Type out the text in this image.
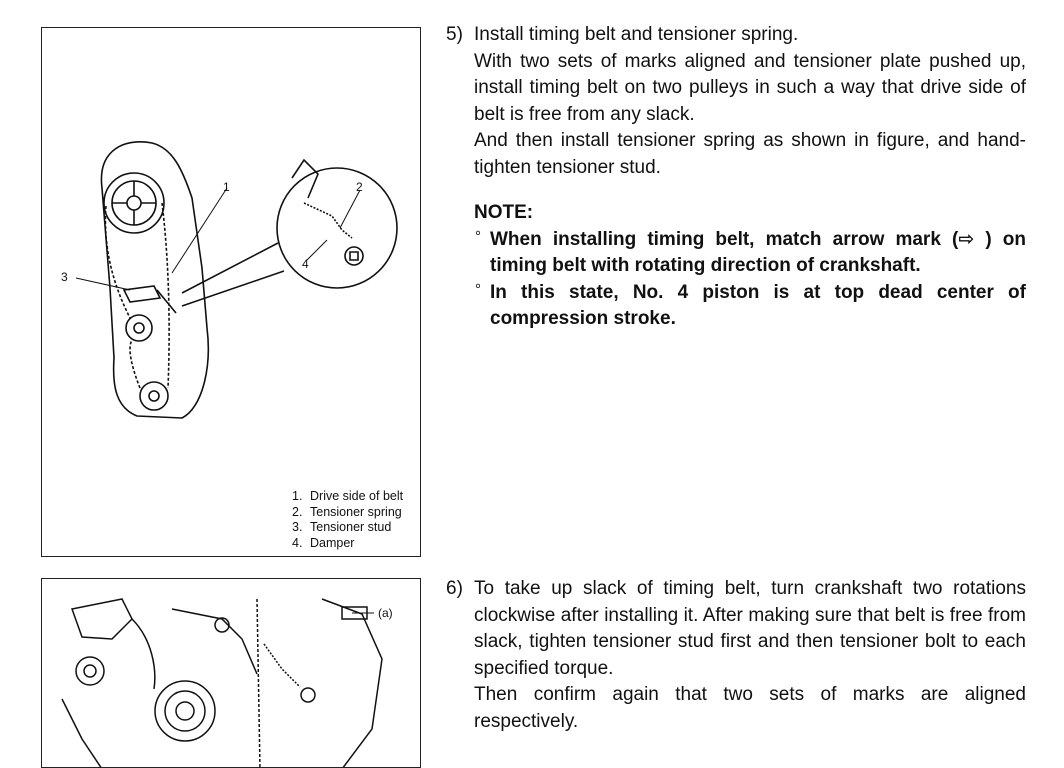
1	2
3
4
1. Drive side of belt
2. Tensioner spring
3. Tensioner stud
4. Damper
(a)
5) Install timing belt and tensioner spring.

With two sets of marks aligned and tensioner plate pushed up, install timing belt on two pulleys in such a way that drive side of belt is free from any slack.

And then install tensioner spring as shown in figure, and hand-tighten tensioner stud.

NOTE:

° When installing timing belt, match arrow mark (⇨ ) on timing belt with rotating direction of crankshaft.
° In this state, No. 4 piston is at top dead center of compression stroke.
6) To take up slack of timing belt, turn crankshaft two rotations clockwise after installing it. After making sure that belt is free from slack, tighten tensioner stud first and then tensioner bolt to each specified torque.

Then confirm again that two sets of marks are aligned respectively.
